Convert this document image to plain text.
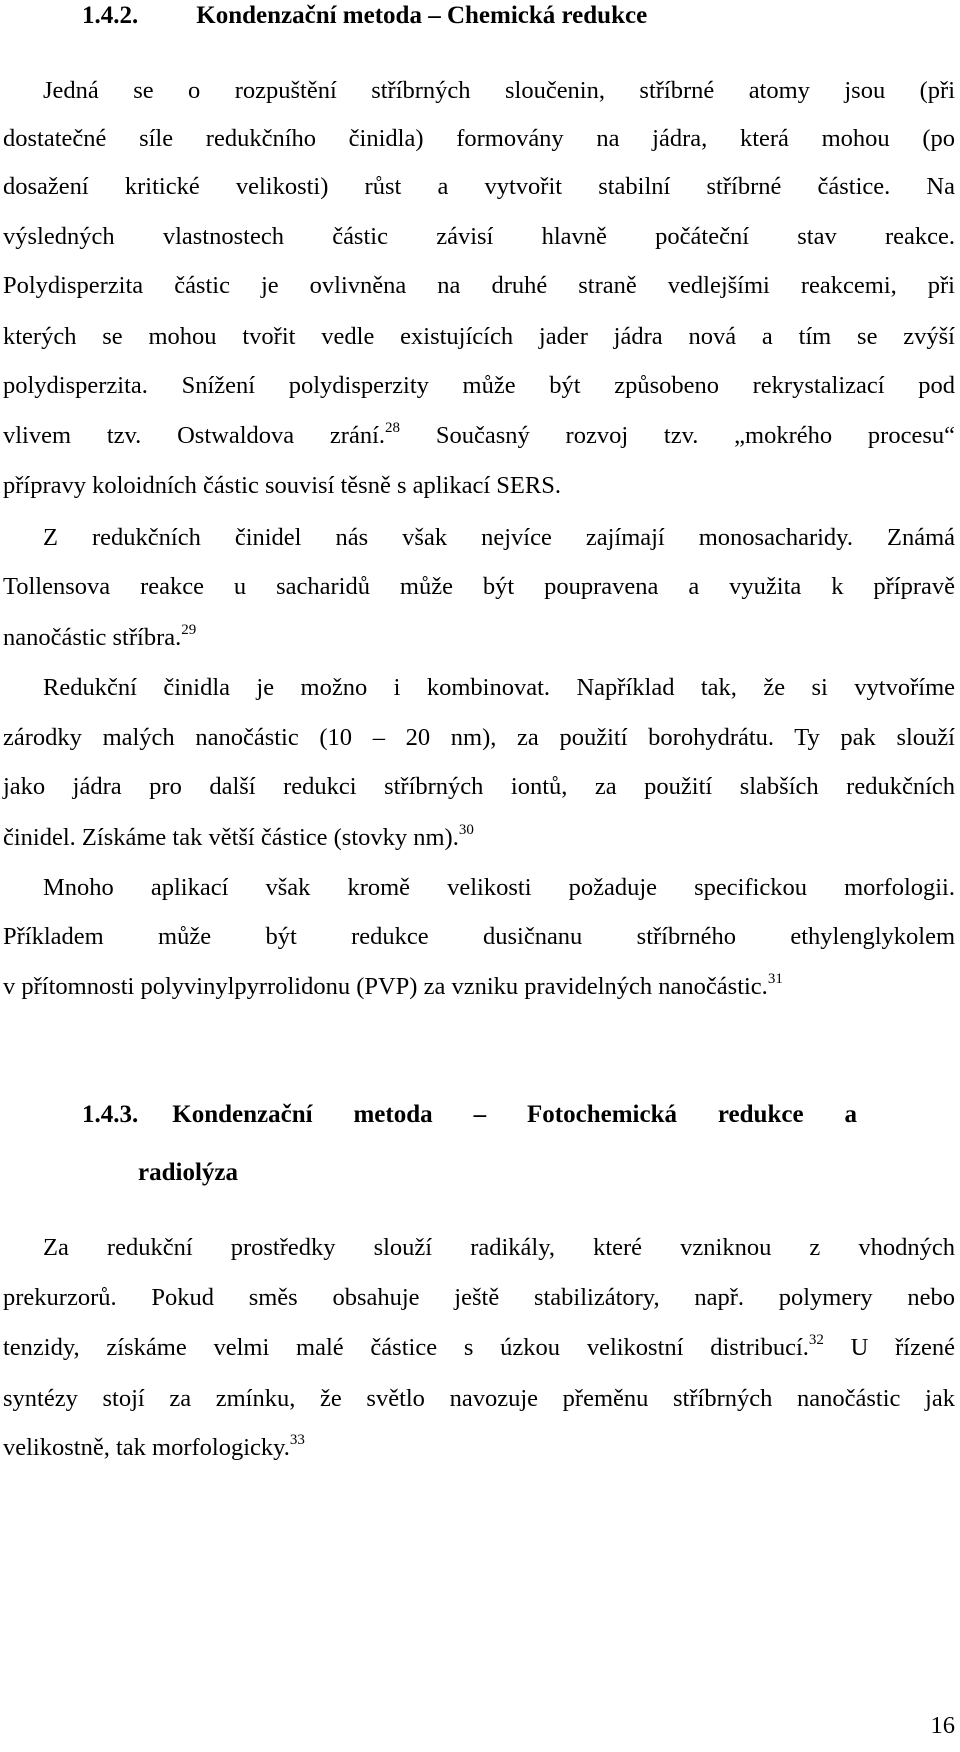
1.4.2. Kondenzační metoda – Chemická redukce
Jedná se o rozpuštění stříbrných sloučenin, stříbrné atomy jsou (při
dostatečné síle redukčního činidla) formovány na jádra, která mohou (po
dosažení kritické velikosti) růst a vytvořit stabilní stříbrné částice. Na
výsledných vlastnostech částic závisí hlavně počáteční stav reakce.
Polydisperzita částic je ovlivněna na druhé straně vedlejšími reakcemi, při
kterých se mohou tvořit vedle existujících jader jádra nová a tím se zvýší
polydisperzita. Snížení polydisperzity může být způsobeno rekrystalizací pod
vlivem tzv. Ostwaldova zrání.$^{28}$ Současný rozvoj tzv. „mokrého procesu“
přípravy koloidních částic souvisí těsně s aplikací SERS.
Z redukčních činidel nás však nejvíce zajímají monosacharidy. Známá
Tollensova reakce u sacharidů může být poupravena a využita k přípravě
nanočástic stříbra.$^{29}$
Redukční činidla je možno i kombinovat. Například tak, že si vytvoříme
zárodky malých nanočástic (10 – 20 nm), za použití borohydrátu. Ty pak slouží
jako jádra pro další redukci stříbrných iontů, za použití slabších redukčních
činidel. Získáme tak větší částice (stovky nm).$^{30}$
Mnoho aplikací však kromě velikosti požaduje specifickou morfologii.
Příkladem může být redukce dusičnanu stříbrného ethylenglykolem
v přítomnosti polyvinylpyrrolidonu (PVP) za vzniku pravidelných nanočástic.$^{31}$
1.4.3. Kondenzační metoda – Fotochemická redukce a
radiolýza
Za redukční prostředky slouží radikály, které vzniknou z vhodných
prekurzorů. Pokud směs obsahuje ještě stabilizátory, např. polymery nebo
tenzidy, získáme velmi malé částice s úzkou velikostní distribucí.$^{32}$ U řízené
syntézy stojí za zmínku, že světlo navozuje přeměnu stříbrných nanočástic jak
velikostně, tak morfologicky.$^{33}$
16
